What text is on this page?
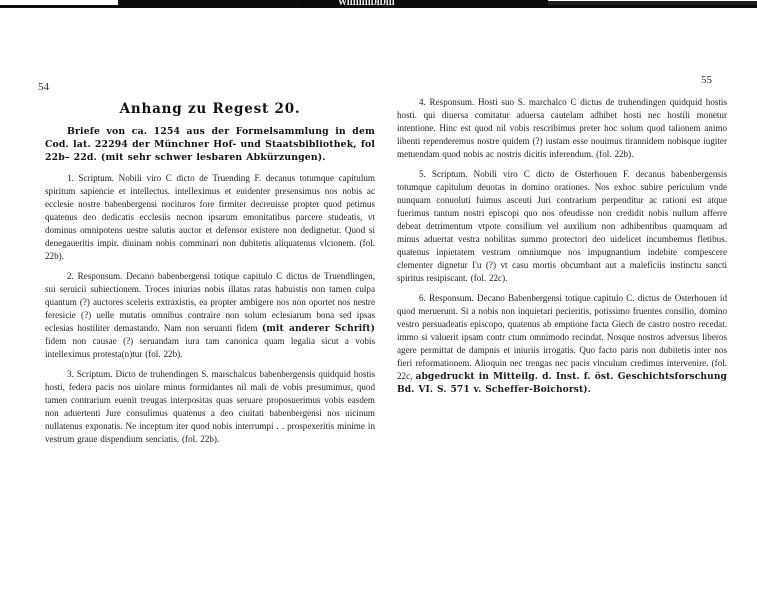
WIIIIIIIIDIDIII
54
55
Anhang zu Regest 20.

Briefe von ca. 1254 aus der Formelsammlung in dem Cod. lat. 22294 der Münchner Hof- und Staatsbibliothek, fol 22b– 22d. (mit sehr schwer lesbaren Abkürzungen).

1. Scriptum. Nobili viro C dicto de Truending F. decanus totumque capitulum spiritum sapiencie et intellectus. intelleximus et euidenter presensimus nos nobis ac ecclesie nostre babenbergensi nocituros fore firmiter decreuisse propter quod petimus quatenus deo dedicatis ecclesiis necnon ipsarum emonitatibus parcere studeatis, vt dominus omnipotens uestre salutis auctor et defensor existere non dedignetur. Quod si denegaueritis impir. diuinam nobis comminari non dubitetis aliquatenus vlcionem. (fol. 22b).

2. Responsum. Decano babenbergensi totique capitulo C dictus de Truendlingen, sui seruicii subiectionem. Troces iniurias nobis illatas ratas habuistis non tamen culpa quantum (?) auctores sceleris extraxistis, ea propter ambigere nos non oportet nos nestre feresicie (?) uelle mutatis omnibus contraire non solum eclesiarum bona sed ipsas eclesias hostiliter demastando. Nam non seruanti fidem (mit anderer Schrift) fidem non causae (?) seruandam iura tam canonica quam legalia sicut a vobis intelleximus protesta(n)tur (fol. 22b).

3. Scriptum. Dicto de truhendingen S. marschalcus babenbergensis quidquid hostis hosti, federa pacis nos uiolare minus formidantes nil mali de vobis presumimus, quod tamen contrarium euenit treugas interpositas quas seruare proposuerimus vobis easdem non aduertenti Jure consulimus quatenus a deo ciuitati babenbergensi nos uicinum nullatenus exponatis. Ne inceptum iter quod nobis interrumpi . . prospexeritis minime in vestrum graue dispendium senciatis. (fol. 22b).

4. Responsum. Hosti suo S. marchalco C dictus de truhendingen quidquid hostis hosti. qui diuersa comitatur aduersa cautelam adhibet hosti nec hostili monetur intentione. Hinc est quod nil vobis rescribimus preter hoc solum quod talionem animo libenti rependeremus nostre quidem (?) iustam esse nouimus tirannidem nobisque iugiter metuendam quod nobis ac nostris dicitis inferendum. (fol. 22b).

5. Scriptum. Nobili viro C dicto de Osterhouen F. decanus babenbergensis totumque capitulum deuotas in domino orationes. Nos exhoc subire periculum vnde nunquam conuoluti fuimus asceuti Juri contrarium perpenditur ac rationi est atque fuerimus tantum nostri episcopi quo nos ofeudisse non credidit nobis nullum afferre debeat detrimentum vtpote consilium vel auxilium non adhibentibus quamquam ad minus aduertat vestra nobilitas summo protectori deo uidelicet incumbemus fletibus. quatenus inpietatem vestram omniumque nos impugnantium indebite compescere clementer dignetur I'u (?) vt casu mortis obcumbant aut a maleficiis instinctu sancti spiritus resipiscant. (fol. 22c).

6. Responsum. Decano Babenbergensi totique capitulo C. dictus de Osterhouen id quod meruerunt. Si a nobis non inquietari pecieritis, potissimo fruentes consilio, domino vestro persuadeatis episcopo, quatenus ab emptione facta Giech de castro nostro recedat. immo si valuerit ipsam contr ctum omnimodo recindat. Nosque nostros adversus liberos agere permittat de dampnis et iniuriis irrogatis. Quo facto paris non dubitetis inter nos fieri reformationem. Alioquin nec trengas nec pacis vinculum credimus intervenire. (fol. 22c, abgedruckt in Mitteilg. d. Inst. f. öst. Geschichtsforschung Bd. VI. S. 571 v. Scheffer-Boichorst).
